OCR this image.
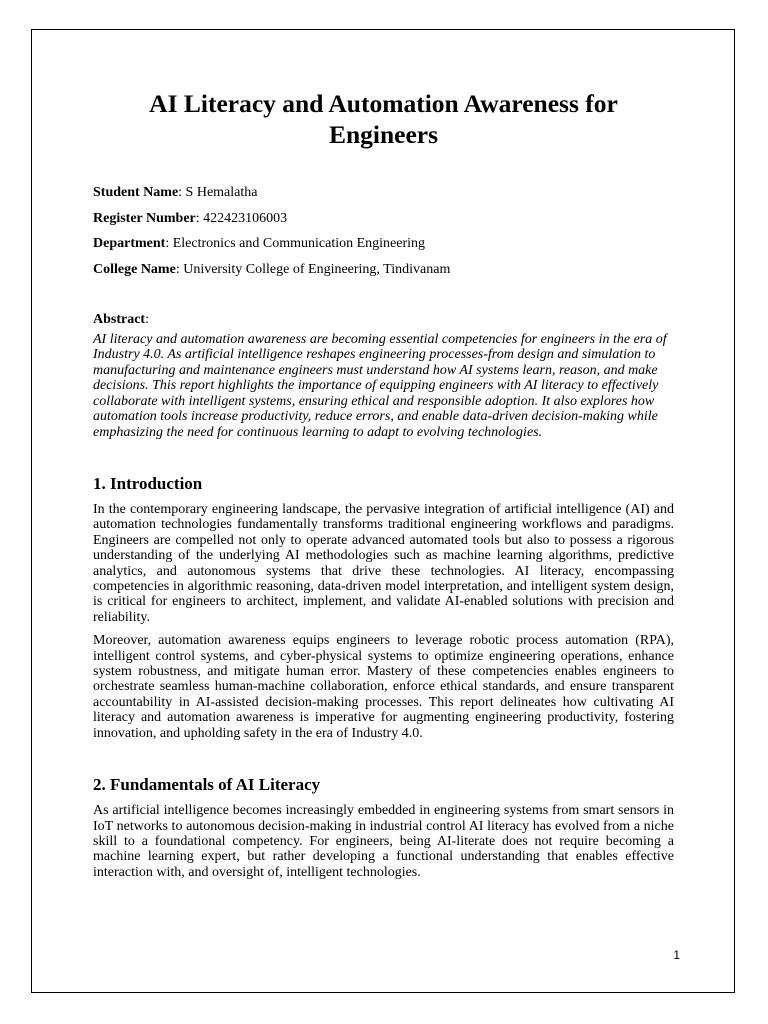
AI Literacy and Automation Awareness for Engineers

Student Name: S Hemalatha

Register Number: 422423106003

Department: Electronics and Communication Engineering

College Name: University College of Engineering, Tindivanam

Abstract:

AI literacy and automation awareness are becoming essential competencies for engineers in the era of Industry 4.0. As artificial intelligence reshapes engineering processes-from design and simulation to manufacturing and maintenance engineers must understand how AI systems learn, reason, and make decisions. This report highlights the importance of equipping engineers with AI literacy to effectively collaborate with intelligent systems, ensuring ethical and responsible adoption. It also explores how automation tools increase productivity, reduce errors, and enable data-driven decision-making while emphasizing the need for continuous learning to adapt to evolving technologies.

1. Introduction

In the contemporary engineering landscape, the pervasive integration of artificial intelligence (AI) and automation technologies fundamentally transforms traditional engineering workflows and paradigms. Engineers are compelled not only to operate advanced automated tools but also to possess a rigorous understanding of the underlying AI methodologies such as machine learning algorithms, predictive analytics, and autonomous systems that drive these technologies. AI literacy, encompassing competencies in algorithmic reasoning, data-driven model interpretation, and intelligent system design, is critical for engineers to architect, implement, and validate AI-enabled solutions with precision and reliability.

Moreover, automation awareness equips engineers to leverage robotic process automation (RPA), intelligent control systems, and cyber-physical systems to optimize engineering operations, enhance system robustness, and mitigate human error. Mastery of these competencies enables engineers to orchestrate seamless human-machine collaboration, enforce ethical standards, and ensure transparent accountability in AI-assisted decision-making processes. This report delineates how cultivating AI literacy and automation awareness is imperative for augmenting engineering productivity, fostering innovation, and upholding safety in the era of Industry 4.0.

2. Fundamentals of AI Literacy

As artificial intelligence becomes increasingly embedded in engineering systems from smart sensors in IoT networks to autonomous decision-making in industrial control AI literacy has evolved from a niche skill to a foundational competency. For engineers, being AI-literate does not require becoming a machine learning expert, but rather developing a functional understanding that enables effective interaction with, and oversight of, intelligent technologies.

1
